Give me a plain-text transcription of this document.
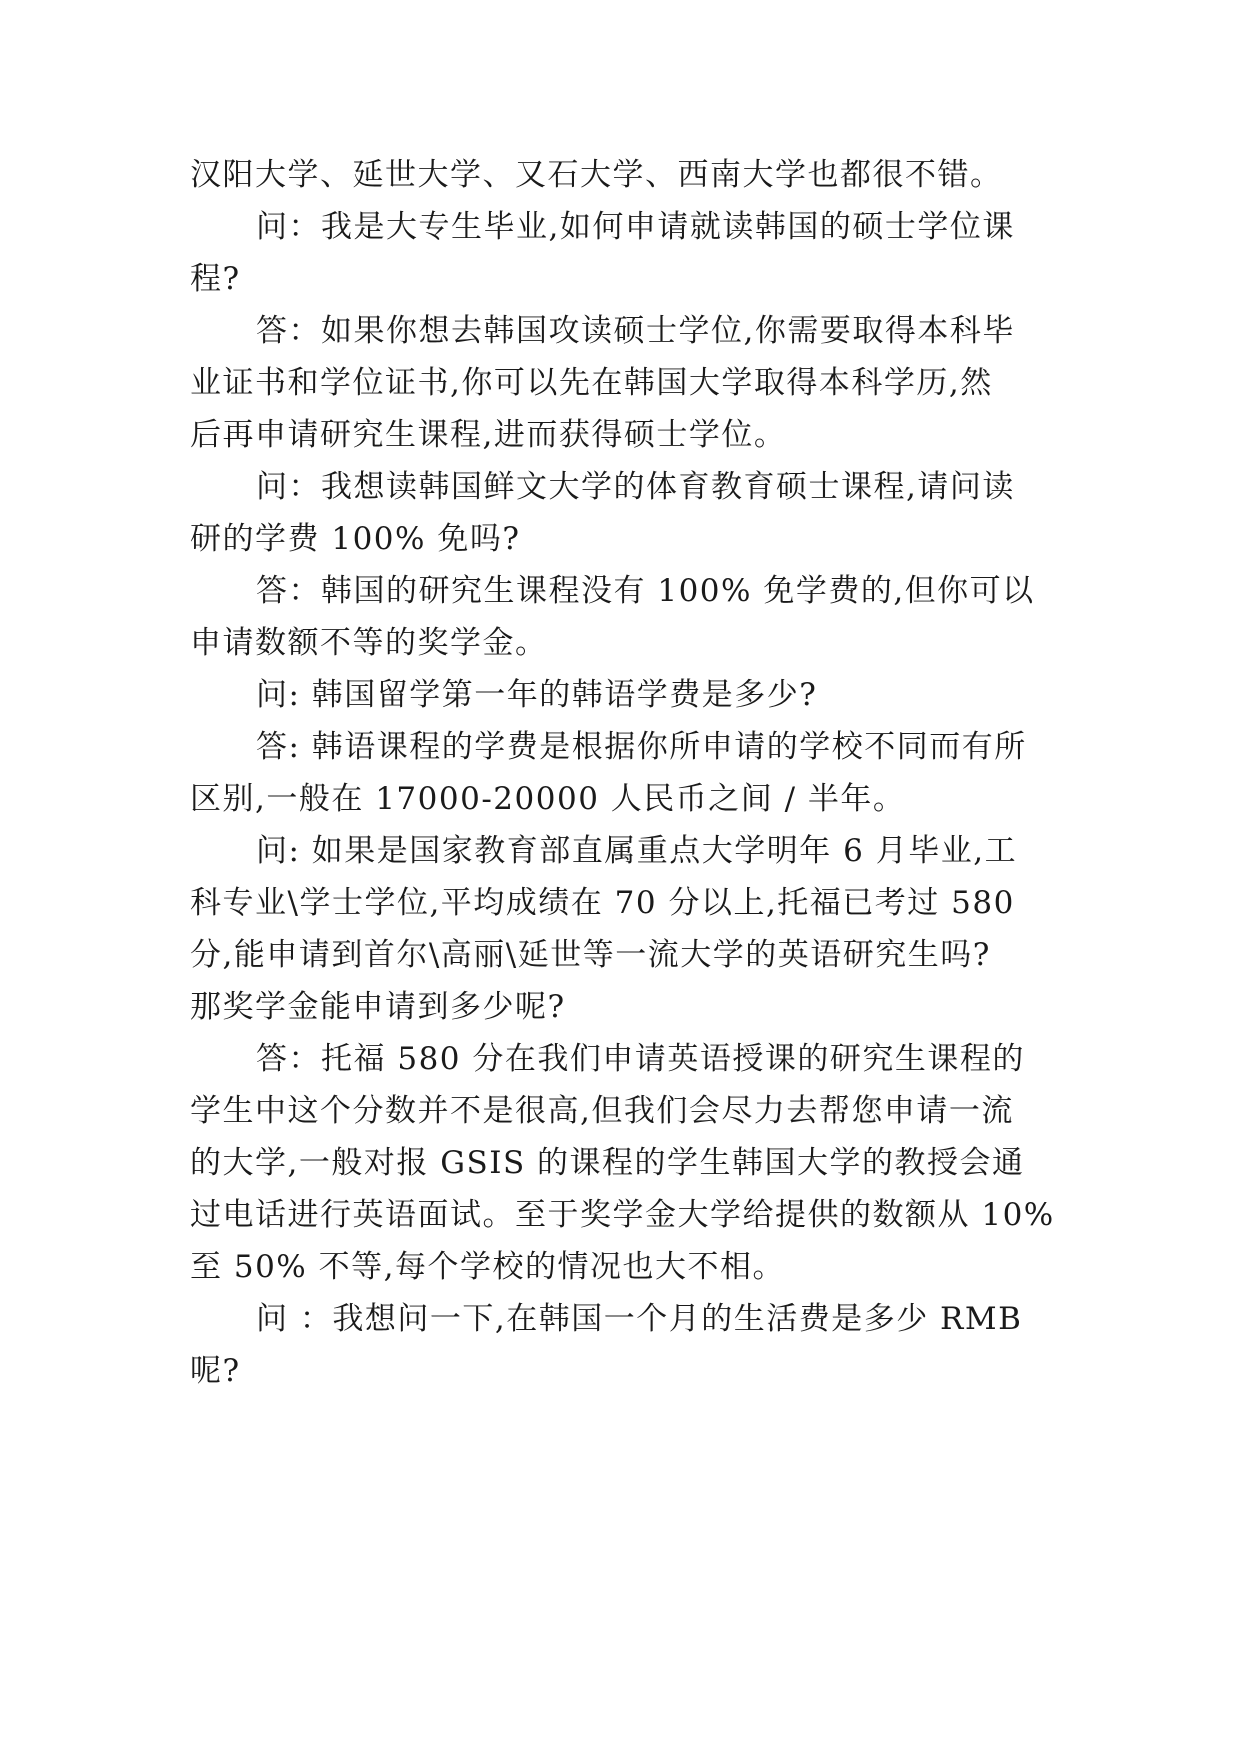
汉阳大学、延世大学、又石大学、西南大学也都很不错。
问：我是大专生毕业,如何申请就读韩国的硕士学位课
程?
答：如果你想去韩国攻读硕士学位,你需要取得本科毕
业证书和学位证书,你可以先在韩国大学取得本科学历,然
后再申请研究生课程,进而获得硕士学位。
问：我想读韩国鲜文大学的体育教育硕士课程,请问读
研的学费 100% 免吗?
答：韩国的研究生课程没有 100% 免学费的,但你可以
申请数额不等的奖学金。
问: 韩国留学第一年的韩语学费是多少?
答: 韩语课程的学费是根据你所申请的学校不同而有所
区别,一般在 17000-20000 人民币之间 / 半年。
问: 如果是国家教育部直属重点大学明年 6 月毕业,工
科专业\学士学位,平均成绩在 70 分以上,托福已考过 580
分,能申请到首尔\高丽\延世等一流大学的英语研究生吗?
那奖学金能申请到多少呢?
答：托福 580 分在我们申请英语授课的研究生课程的
学生中这个分数并不是很高,但我们会尽力去帮您申请一流
的大学,一般对报 GSIS 的课程的学生韩国大学的教授会通
过电话进行英语面试。至于奖学金大学给提供的数额从 10%
至 50% 不等,每个学校的情况也大不相。
问 ：我想问一下,在韩国一个月的生活费是多少 RMB
呢?
